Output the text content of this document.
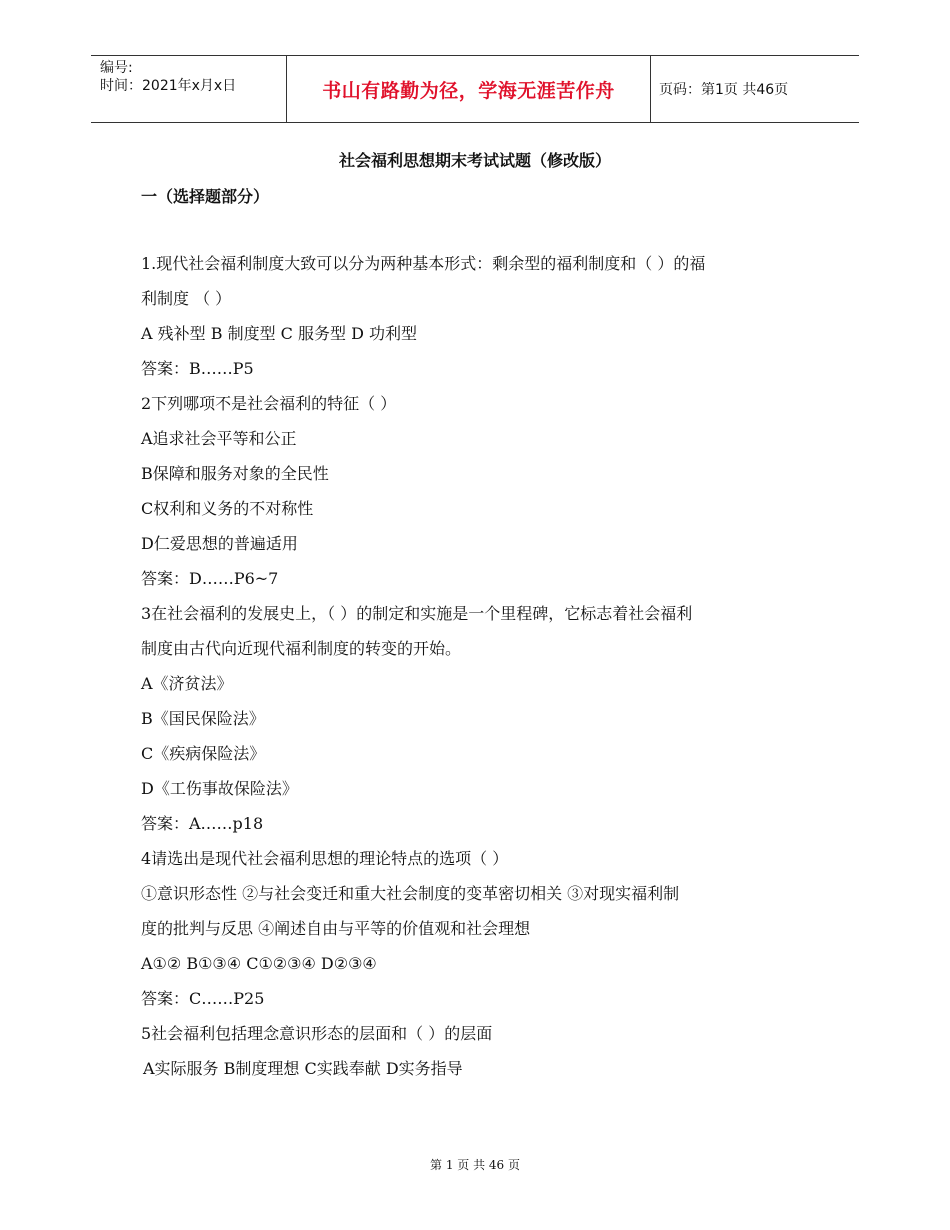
编号:
时间：2021年x月x日	书山有路勤为径，学海无涯苦作舟	页码：第1页 共46页
社会福利思想期末考试试题（修改版）
一（选择题部分）
1.现代社会福利制度大致可以分为两种基本形式：剩余型的福利制度和（ ）的福
利制度 （ ）
A 残补型 B 制度型 C 服务型 D 功利型
答案：B……P5
2下列哪项不是社会福利的特征（ ）
A追求社会平等和公正
B保障和服务对象的全民性
C权利和义务的不对称性
D仁爱思想的普遍适用
答案：D……P6~7
3在社会福利的发展史上，（ ）的制定和实施是一个里程碑，它标志着社会福利
制度由古代向近现代福利制度的转变的开始。
A《济贫法》
B《国民保险法》
C《疾病保险法》
D《工伤事故保险法》
答案：A……p18
4请选出是现代社会福利思想的理论特点的选项（ ）
①意识形态性 ②与社会变迁和重大社会制度的变革密切相关 ③对现实福利制
度的批判与反思 ④阐述自由与平等的价值观和社会理想
A①② B①③④ C①②③④ D②③④
答案：C……P25
5社会福利包括理念意识形态的层面和（ ）的层面
A实际服务 B制度理想 C实践奉献 D实务指导
第 1 页 共 46 页
